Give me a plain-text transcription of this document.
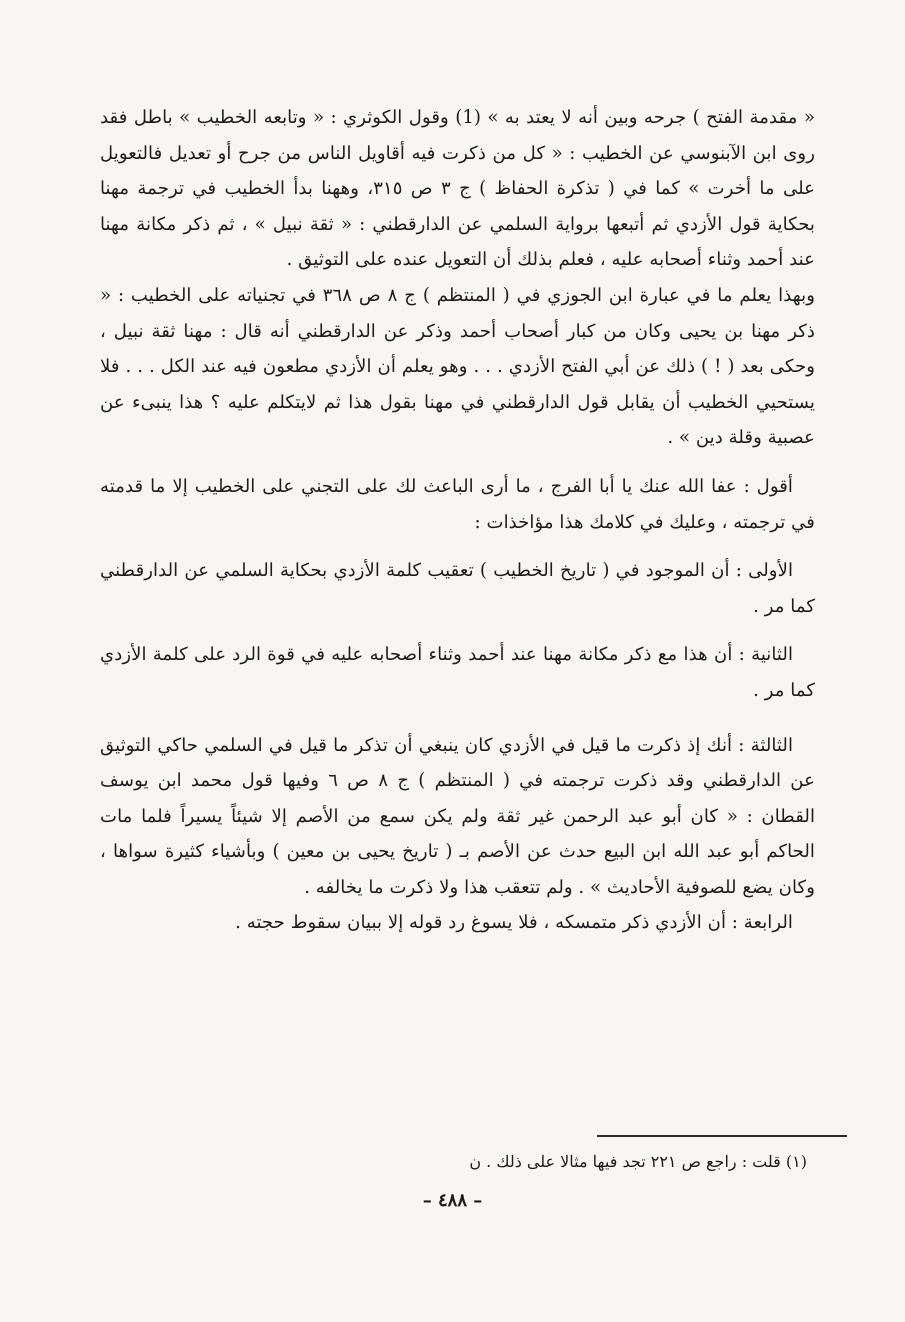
« مقدمة الفتح ) جرحه وبين أنه لا يعتد به » (1) وقول الكوثري : « وتابعه الخطيب » باطل فقد روى ابن الآبنوسي عن الخطيب : « كل من ذكرت فيه أقاويل الناس من جرح أو تعديل فالتعويل على ما أخرت » كما في ( تذكرة الحفاظ ) ج ٣ ص ٣١٥، وههنا بدأ الخطيب في ترجمة مهنا بحكاية قول الأزدي ثم أتبعها برواية السلمي عن الدارقطني : « ثقة نبيل » ، ثم ذكر مكانة مهنا عند أحمد وثناء أصحابه عليه ، فعلم بذلك أن التعويل عنده على التوثيق .

وبهذا يعلم ما في عبارة ابن الجوزي في ( المنتظم ) ج ٨ ص ٣٦٨ في تجنياته على الخطيب : « ذكر مهنا بن يحيى وكان من كبار أصحاب أحمد وذكر عن الدارقطني أنه قال : مهنا ثقة نبيل ، وحكى بعد ( ! ) ذلك عن أبي الفتح الأزدي . . . وهو يعلم أن الأزدي مطعون فيه عند الكل . . . فلا يستحيي الخطيب أن يقابل قول الدارقطني في مهنا بقول هذا ثم لايتكلم عليه ؟ هذا ينبىء عن عصبية وقلة دين » .

أقول : عفا الله عنك يا أبا الفرج ، ما أرى الباعث لك على التجني على الخطيب إلا ما قدمته في ترجمته ، وعليك في كلامك هذا مؤاخذات :

الأولى : أن الموجود في ( تاريخ الخطيب ) تعقيب كلمة الأزدي بحكاية السلمي عن الدارقطني كما مر .

الثانية : أن هذا مع ذكر مكانة مهنا عند أحمد وثناء أصحابه عليه في قوة الرد على كلمة الأزدي كما مر .

الثالثة : أنك إذ ذكرت ما قيل في الأزدي كان ينبغي أن تذكر ما قيل في السلمي حاكي التوثيق عن الدارقطني وقد ذكرت ترجمته في ( المنتظم ) ج ٨ ص ٦ وفيها قول محمد ابن يوسف القطان : « كان أبو عبد الرحمن غير ثقة ولم يكن سمع من الأصم إلا شيئاً يسيراً فلما مات الحاكم أبو عبد الله ابن البيع حدث عن الأصم بـ ( تاريخ يحيى بن معين ) وبأشياء كثيرة سواها ، وكان يضع للصوفية الأحاديث » . ولم تتعقب هذا ولا ذكرت ما يخالفه .

الرابعة : أن الأزدي ذكر متمسكه ، فلا يسوغ رد قوله إلا ببيان سقوط حجته .

(١) قلت : راجع ص ٢٢١ تجد فيها مثالا على ذلك . ن
– ٤٨٨ –
